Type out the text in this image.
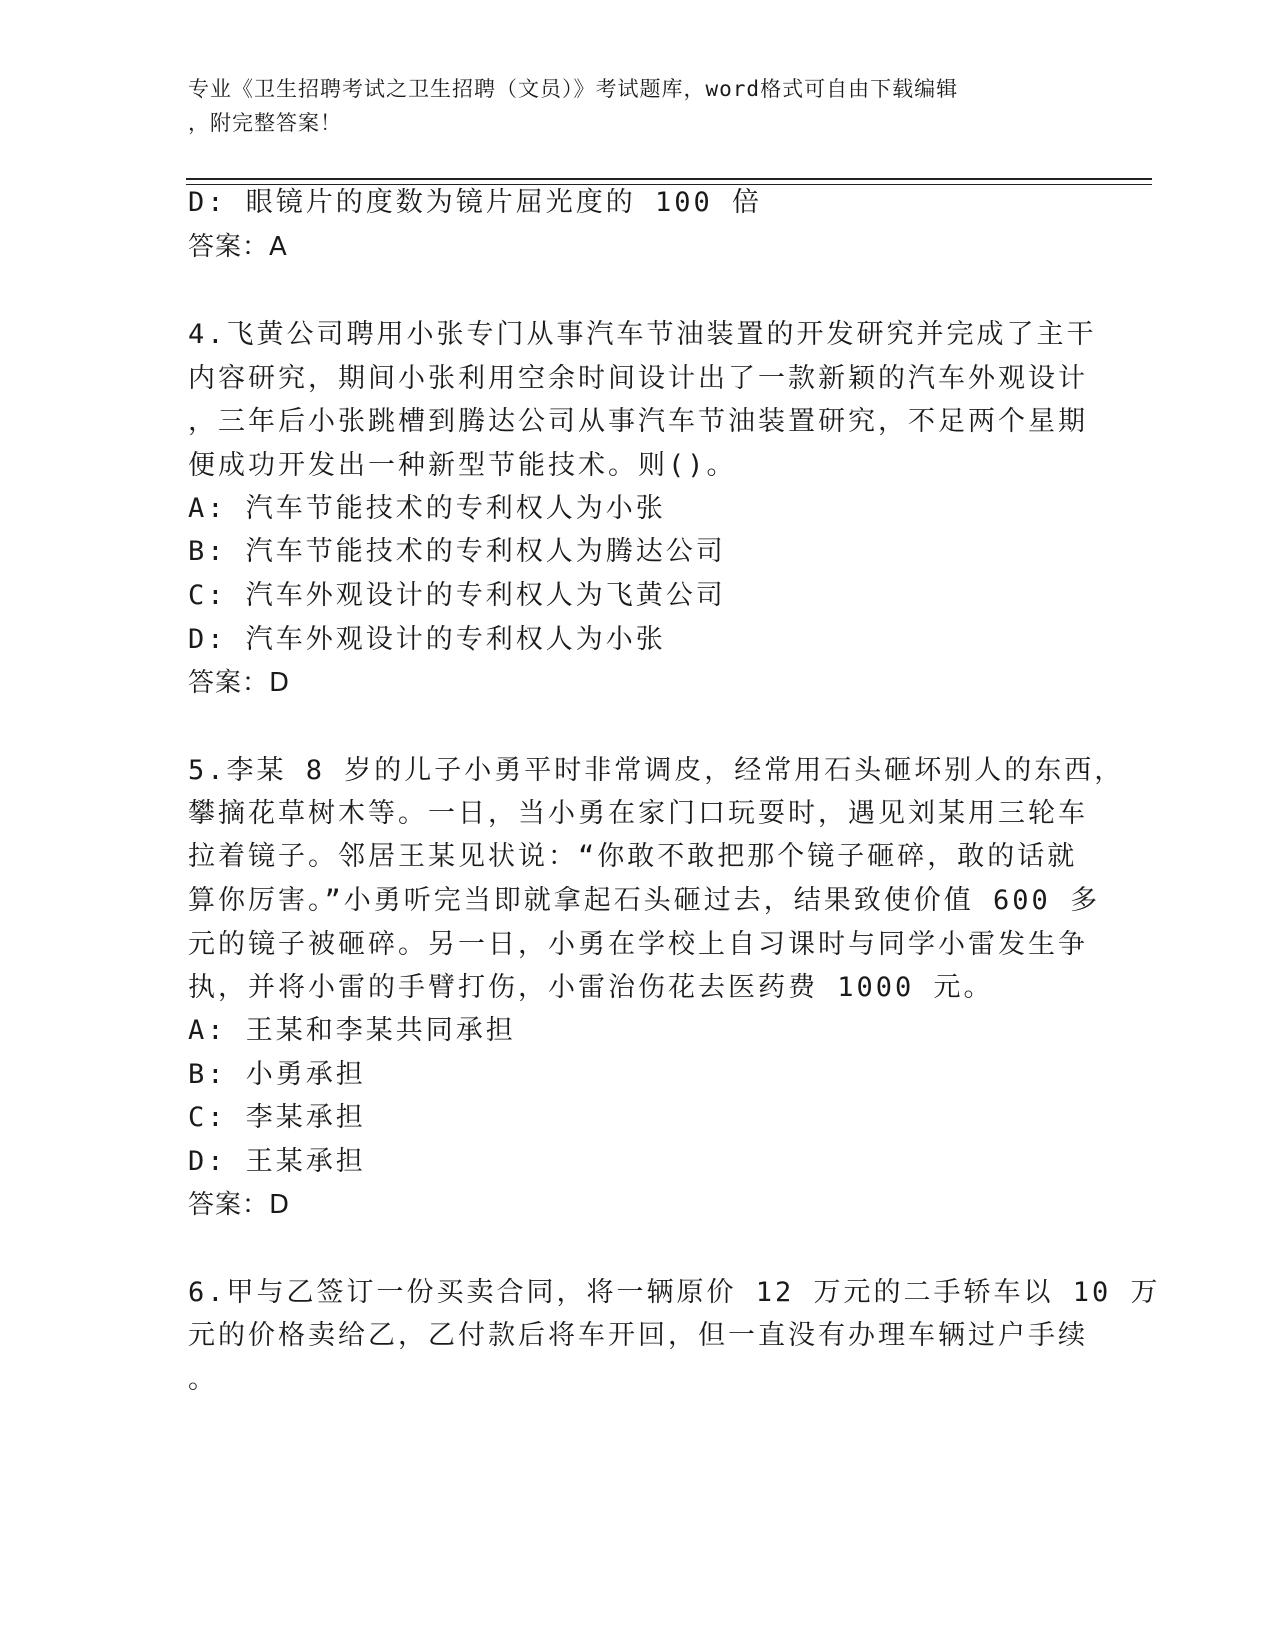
专业《卫生招聘考试之卫生招聘（文员）》考试题库，word格式可自由下载编辑
，附完整答案！
D: 眼镜片的度数为镜片屈光度的 100 倍
答案：A
4.飞黄公司聘用小张专门从事汽车节油装置的开发研究并完成了主干
内容研究，期间小张利用空余时间设计出了一款新颖的汽车外观设计
，三年后小张跳槽到腾达公司从事汽车节油装置研究，不足两个星期
便成功开发出一种新型节能技术。则()。
A: 汽车节能技术的专利权人为小张
B: 汽车节能技术的专利权人为腾达公司
C: 汽车外观设计的专利权人为飞黄公司
D: 汽车外观设计的专利权人为小张
答案：D
5.李某 8 岁的儿子小勇平时非常调皮，经常用石头砸坏别人的东西，
攀摘花草树木等。一日，当小勇在家门口玩耍时，遇见刘某用三轮车
拉着镜子。邻居王某见状说：“你敢不敢把那个镜子砸碎，敢的话就
算你厉害。”小勇听完当即就拿起石头砸过去，结果致使价值 600 多
元的镜子被砸碎。另一日，小勇在学校上自习课时与同学小雷发生争
执，并将小雷的手臂打伤，小雷治伤花去医药费 1000 元。
A: 王某和李某共同承担
B: 小勇承担
C: 李某承担
D: 王某承担
答案：D
6.甲与乙签订一份买卖合同，将一辆原价 12 万元的二手轿车以 10 万
元的价格卖给乙，乙付款后将车开回，但一直没有办理车辆过户手续
。
